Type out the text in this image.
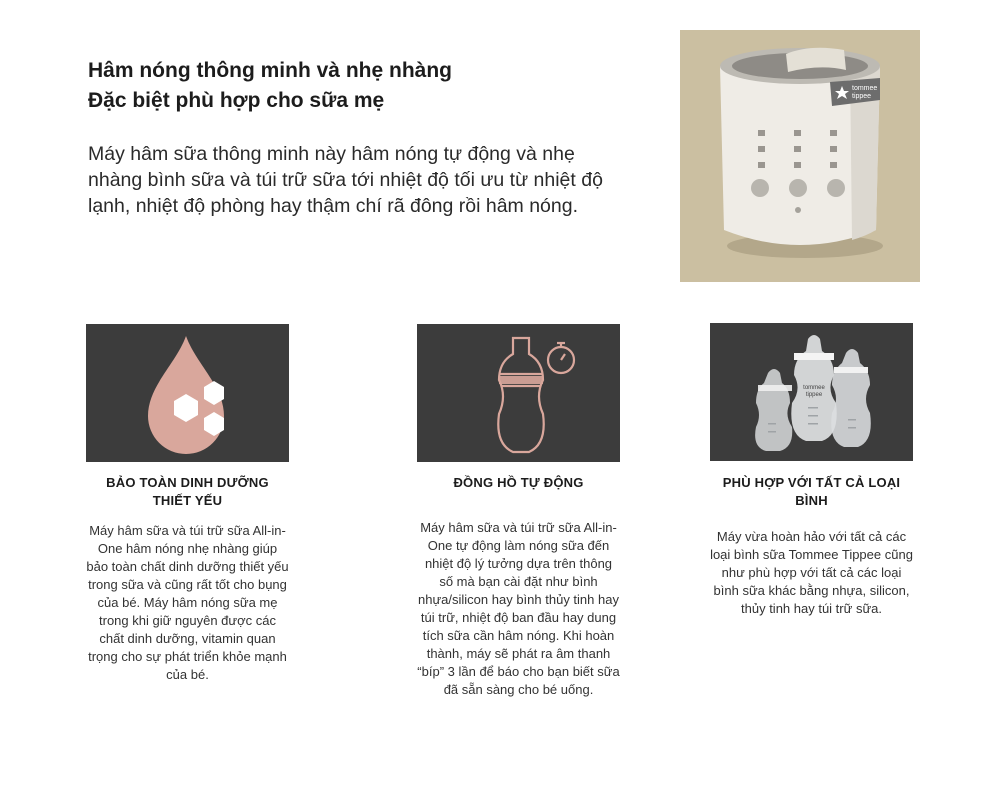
Hâm nóng thông minh và nhẹ nhàng
Đặc biệt phù hợp cho sữa mẹ
Máy hâm sữa thông minh này hâm nóng tự động và nhẹ nhàng bình sữa và túi trữ sữa tới nhiệt độ tối ưu từ nhiệt độ lạnh, nhiệt độ phòng hay thậm chí rã đông rồi hâm nóng.
tommee
tippee
BẢO TOÀN DINH DƯỠNG THIẾT YẾU
Máy hâm sữa và túi trữ sữa All-in-One hâm nóng nhẹ nhàng giúp bảo toàn chất dinh dưỡng thiết yếu trong sữa và cũng rất tốt cho bụng của bé. Máy hâm nóng sữa mẹ trong khi giữ nguyên được các chất dinh dưỡng, vitamin quan trọng cho sự phát triển khỏe mạnh của bé.
ĐỒNG HỒ TỰ ĐỘNG
Máy hâm sữa và túi trữ sữa All-in-One tự động làm nóng sữa đến nhiệt độ lý tưởng dựa trên thông số mà bạn cài đặt như bình nhựa/silicon hay bình thủy tinh hay túi trữ, nhiệt độ ban đầu hay dung tích sữa cần hâm nóng. Khi hoàn thành, máy sẽ phát ra âm thanh “bíp” 3 lần để báo cho bạn biết sữa đã sẵn sàng cho bé uống.
tommee
tippee
PHÙ HỢP VỚI TẤT CẢ LOẠI BÌNH
Máy vừa hoàn hảo với tất cả các loại bình sữa Tommee Tippee cũng như phù hợp với tất cả các loại bình sữa khác bằng nhựa, silicon, thủy tinh hay túi trữ sữa.
